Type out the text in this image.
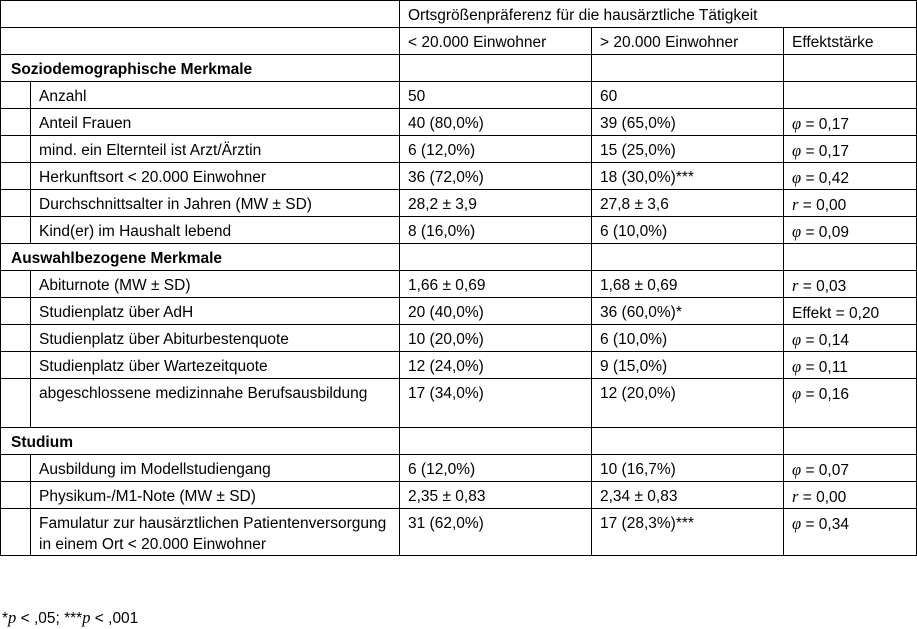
		Ortsgrößenpräferenz für die hausärztliche Tätigkeit		
		< 20.000 Einwohner	> 20.000 Einwohner	Effektstärke
Soziodemographische Merkmale				
	Anzahl	50	60	
	Anteil Frauen	40 (80,0%)	39 (65,0%)	φ = 0,17
	mind. ein Elternteil ist Arzt/Ärztin	6 (12,0%)	15 (25,0%)	φ = 0,17
	Herkunftsort < 20.000 Einwohner	36 (72,0%)	18 (30,0%)***	φ = 0,42
	Durchschnittsalter in Jahren (MW ± SD)	28,2 ± 3,9	27,8 ± 3,6	r = 0,00
	Kind(er) im Haushalt lebend	8 (16,0%)	6 (10,0%)	φ = 0,09
Auswahlbezogene Merkmale				
	Abiturnote (MW ± SD)	1,66 ± 0,69	1,68 ± 0,69	r = 0,03
	Studienplatz über AdH	20 (40,0%)	36 (60,0%)*	Effekt = 0,20
	Studienplatz über Abiturbestenquote	10 (20,0%)	6 (10,0%)	φ = 0,14
	Studienplatz über Wartezeitquote	12 (24,0%)	9 (15,0%)	φ = 0,11
	abgeschlossene medizinnahe Berufsausbildung	17 (34,0%)	12 (20,0%)	φ = 0,16
Studium				
	Ausbildung im Modellstudiengang	6 (12,0%)	10 (16,7%)	φ = 0,07
	Physikum-/M1-Note (MW ± SD)	2,35 ± 0,83	2,34 ± 0,83	r = 0,00
	Famulatur zur hausärztlichen Patientenversorgung in einem Ort < 20.000 Einwohner	31 (62,0%)	17 (28,3%)***	φ = 0,34
*p < ,05; ***p < ,001
